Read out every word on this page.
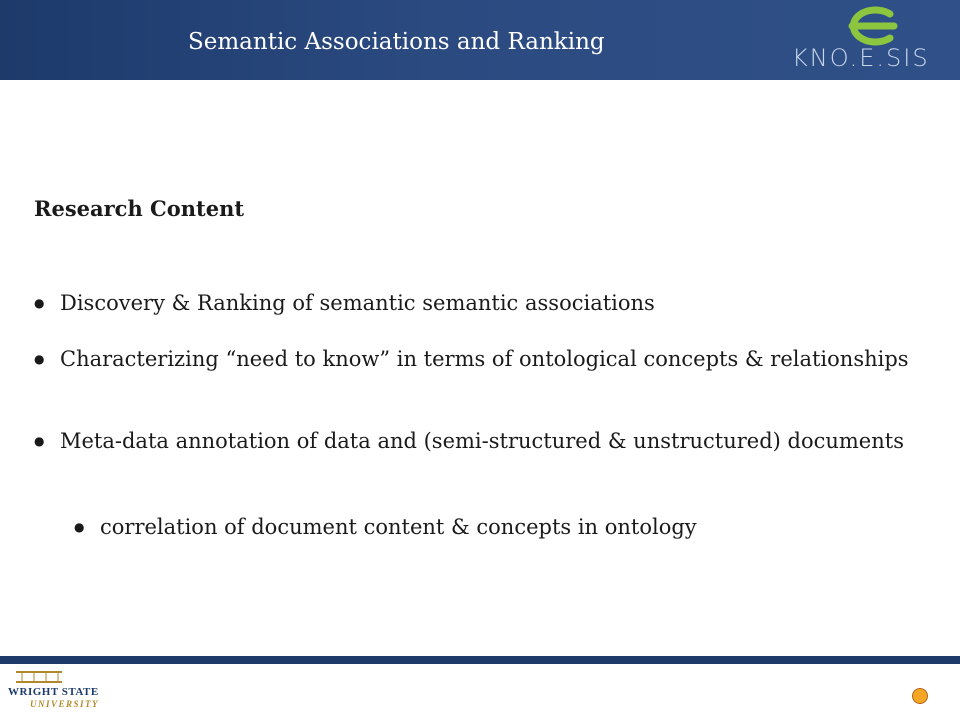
Semantic Associations and Ranking
KNO.E.SIS

Research Content

● Discovery & Ranking of semantic semantic associations
● Characterizing “need to know” in terms of ontological concepts & relationships
● Meta-data annotation of data and (semi-structured & unstructured) documents
● correlation of document content & concepts in ontology
WRIGHT STATE
UNIVERSITY
